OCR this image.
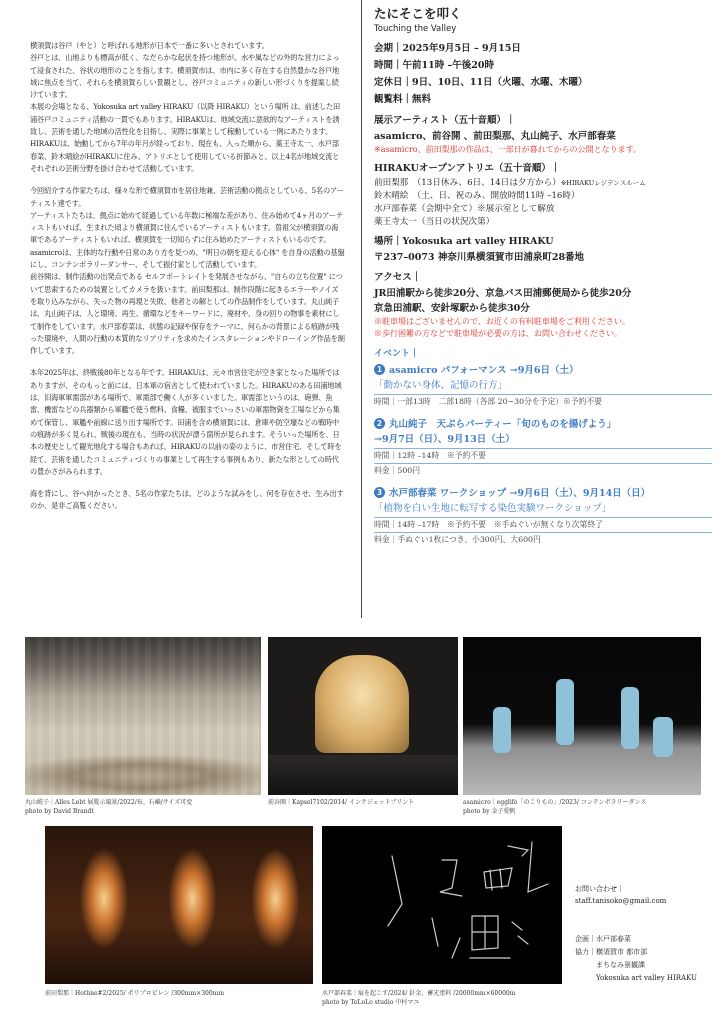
横須賀は谷戸（やと）と呼ばれる地形が日本で一番に多いとされています。
谷戸とは、山地よりも標高が低く、なだらかな起伏を持つ地形が、水や風などの外的な営力によって浸食された、谷状の地形のことを指します。横須賀市は、市内に多く存在する自然豊かな谷戸地域に焦点を当て、それらを横須賀らしい景観とし、谷戸コミュニティの新しい形づくりを提案し続けています。
本展の会場となる、Yokosuka art valley HIRAKU（以降 HIRAKU）という場所 は、前述した田浦谷戸コミュニティ活動の一貫でもあります。HIRAKUは、地域交流に意欲的なアーティストを誘致し、芸術を通した地域の活性化を目指し、実際に事業として稼動している一例にあたります。HIRAKUは、始動してから7年の年月が経っており、現在も、入った順から、薬王寺太一、水戸部春菜、鈴木晴絵がHIRAKUに住み、アトリエとして使用している折節みと、以上4名が地域交流とそれぞれの芸術分野を掛け合わせて活動しています。

今回紹介する作家たちは、様々な形で横須賀市を居住地兼、芸術活動の拠点としている、5名のアーティスト達です。
アーティストたちは、拠点に始めて経過している年数に極端な差があり、住み始めて4ヶ月のアーティストもいれば、生まれた頃より横須賀に住んでいるアーティストもいます。曽祖父が横須賀の海軍であるアーティストもいれば、横須賀を一切知らずに住み始めたアーティストもいるのです。
asamicroは、主体的な行動や日常のあり方を見つめ、"明日の朝を迎える心体" を自身の活動の基盤にし、コンテンポラリーダンサー、そして振付家として活動しています。
前谷開は、制作活動の出発点である セルフポートレイトを発展させながら、"自らの立ち位置" について思索するための装置としてカメラを扱います。前田梨那は、制作段階に起きるエラーやノイズを取り込みながら、失った物の再現と失敗、他者との解としての作品制作をしています。丸山純子は、丸山純子は、人と環境、再生、循環などをキーワードに、廃材や、身の回りの物事を素材にして制作をしています。水戸部春菜は、状態の記録や保存をテーマに、何らかの背景による痕跡が残った環境や、人間の行動の本質的なリアリティを求めたインスタレーションやドローイング作品を制作しています。

本年2025年は、終戦後80年となる年です。HIRAKUは、元々市営住宅が空き家となった場所ではありますが、そのもっと前には、日本軍の宿舎として使われていました。HIRAKUのある田浦地域は、旧海軍軍需部がある場所で、軍需部で働く人が多くいました。軍需部というのは、砲弾、魚雷、機雷などの兵器類から軍艦で使う燃料、食糧、被服までいっさいの軍需物資を工場などから集めて保管し、軍艦や前線に送り出す場所です。田浦を含め横須賀には、倉庫や防空壕などの戦時中の痕跡が多く見られ、戦後の現在も、当時の状況が漂う箇所が見られます。そういった場所を、日本の歴史として観光地化する場合もあれば、HIRAKUの以前の姿のように、市営住宅、そして時を経て、芸術を通したコミュニティづくりの事業として再生する事例もあり、新たな形としての時代の豊かさがみられます。

海を背にし、谷へ向かったとき、5名の作家たちは、どのような試みをし、何を存在させ、生み出すのか、是非ご高覧ください。

たにそこを叩く
Touching the Valley
会期｜2025年9月5日 – 9月15日
時間｜午前11時 –午後20時
定休日｜9日、10日、11日（火曜、水曜、木曜）
観覧料｜無料
展示アーティスト（五十音順）｜
asamicro、前谷開 、前田梨那、丸山純子、水戸部春菜
※asamicro、前田梨那の作品は、一部日が暮れてからの公開となります。
HIRAKUオープンアトリエ（五十音順）｜
前田梨那　（13日休み、6日、14日は夕方から）※HIRAKUレジデンスルーム
鈴木晴絵　（土、日、祝のみ、開放時間11時 –16時）
水戸部春菜（会期中全て）※展示室として解放
薬王寺太一（当日の状況次第）
場所｜Yokosuka art valley HIRAKU
〒237–0073 神奈川県横須賀市田浦泉町28番地
アクセス｜
JR田浦駅から徒歩20分、京急バス田浦郵便局から徒歩20分
京急田浦駅、安針塚駅から徒歩30分
※駐車場はございませんので、お近くの有料駐車場をご利用ください。
※歩行困難の方などで駐車場が必要の方は、お問い合わせください。
イベント｜
1 asamicro パフォーマンス →9月6日（土）
「動かない身体、記憶の行方」
時間｜一部13時　二部18時（各部 20~30分を予定）※予約不要
2 丸山純子　天ぷらパーティー「旬のものを揚げよう」
→9月7日（日）、9月13日（土）
時間｜12時 –14時　※予約不要
料金｜500円
3 水戸部春菜 ワークショップ →9月6日（土）、9月14日（日）
「植物を白い生地に転写する染色実験ワークショップ」
時間｜14時 –17時　※予約不要　※手ぬぐいが無くなり次第終了
料金｜手ぬぐい1枚につき、小300円、大600円
丸山純子｜Alles Lebt 展覧示風景/2022/布、石鹸/サイズ可変
photo by David Brandt
前谷開｜Kapsel7102/2014/ インクジェットプリント	asamicro｜egglife「のこりもの」/2023/ コンテンポラリーダンス
photo by 金子愛帆
前田梨那｜Hotline#2/2025/ ポリプロピレン /300mm×300mm	水戸部春菜｜痕を起こす/2024/ 針金、蓄光塗料 /20000mm×60000m
photo by ToLoLo studio 中村マユ
お問い合わせ｜
staff.tanisoko@gmail.com
企画｜水戸部春菜
協力｜横須賀市 都市部
　　　まちなみ景観課
　　　Yokosuka art valley HIRAKU
